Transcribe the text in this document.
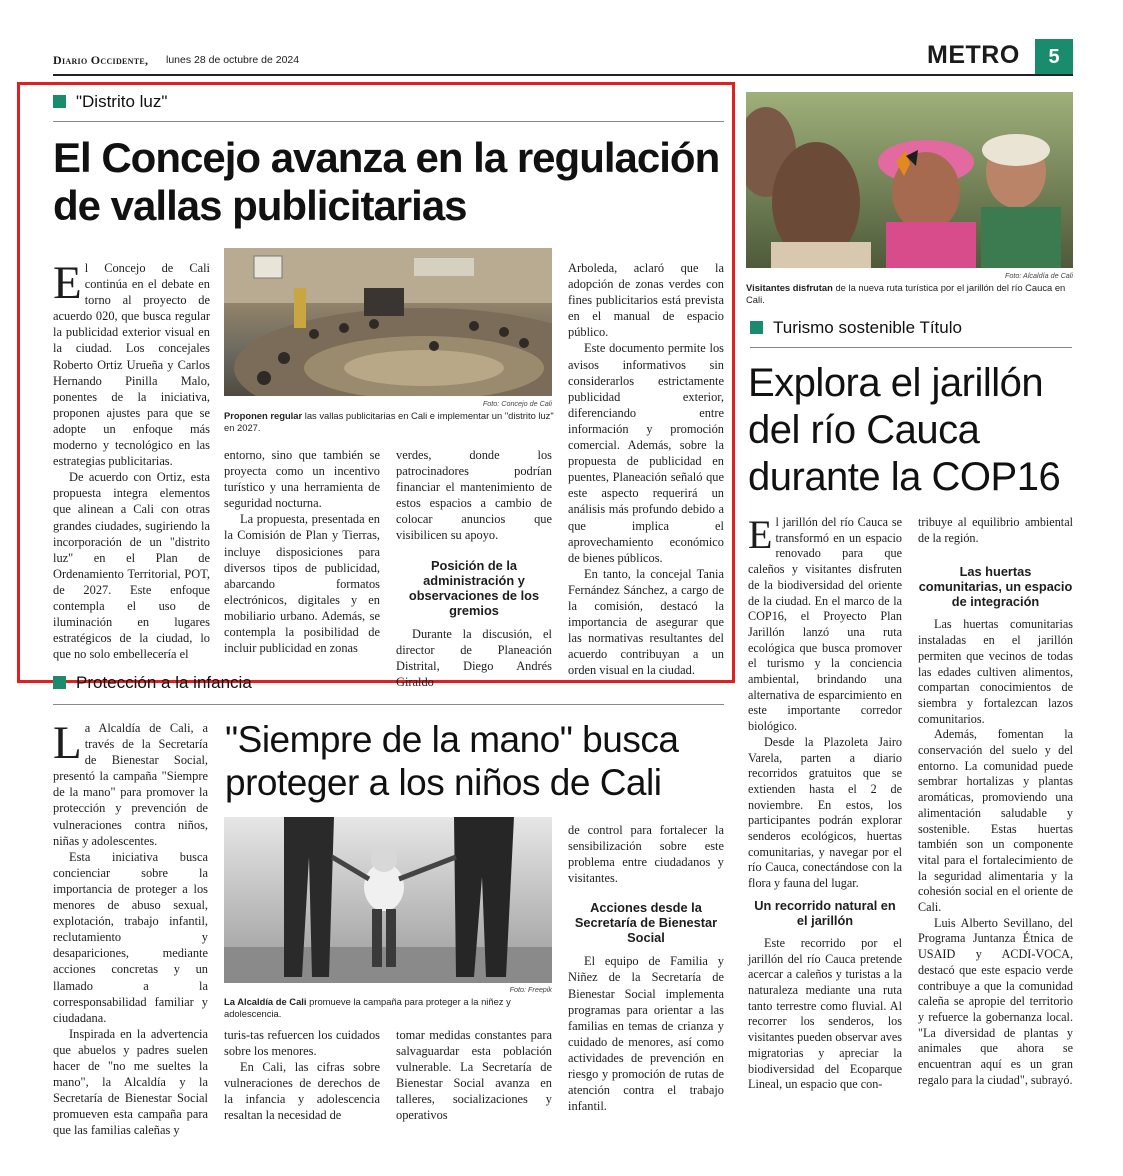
Diario Occidente, lunes 28 de octubre de 2024	METRO	5
"Distrito luz"
El Concejo avanza en la regulación de vallas publicitarias

El Concejo de Cali continúa en el debate en torno al proyecto de acuerdo 020, que busca regular la publicidad exterior visual en la ciudad. Los concejales Roberto Ortiz Urueña y Carlos Hernando Pinilla Malo, ponentes de la iniciativa, proponen ajustes para que se adopte un enfoque más moderno y tecnológico en las estrategias publicitarias.

De acuerdo con Ortiz, esta propuesta integra elementos que alinean a Cali con otras grandes ciudades, sugiriendo la incorporación de un "distrito luz" en el Plan de Ordenamiento Territorial, POT, de 2027. Este enfoque contempla el uso de iluminación en lugares estratégicos de la ciudad, lo que no solo embellecería el

Foto: Concejo de Cali
Proponen regular las vallas publicitarias en Cali e implementar un "distrito luz" en 2027.

entorno, sino que también se proyecta como un incentivo turístico y una herramienta de seguridad nocturna.

La propuesta, presentada en la Comisión de Plan y Tierras, incluye disposiciones para diversos tipos de publicidad, abarcando formatos electrónicos, digitales y en mobiliario urbano. Además, se contempla la posibilidad de incluir publicidad en zonas

verdes, donde los patrocinadores podrían financiar el mantenimiento de estos espacios a cambio de colocar anuncios que visibilicen su apoyo.

Posición de la administración y observaciones de los gremios

Durante la discusión, el director de Planeación Distrital, Diego Andrés Giraldo

Arboleda, aclaró que la adopción de zonas verdes con fines publicitarios está prevista en el manual de espacio público.

Este documento permite los avisos informativos sin considerarlos estrictamente publicidad exterior, diferenciando entre información y promoción comercial. Además, sobre la propuesta de publicidad en puentes, Planeación señaló que este aspecto requerirá un análisis más profundo debido a que implica el aprovechamiento económico de bienes públicos.

En tanto, la concejal Tania Fernández Sánchez, a cargo de la comisión, destacó la importancia de asegurar que las normativas resultantes del acuerdo contribuyan a un orden visual en la ciudad.

Foto: Alcaldía de Cali
Visitantes disfrutan de la nueva ruta turística por el jarillón del río Cauca en Cali.
Turismo sostenible Título
Explora el jarillón del río Cauca durante la COP16

El jarillón del río Cauca se transformó en un espacio renovado para que caleños y visitantes disfruten de la biodiversidad del oriente de la ciudad. En el marco de la COP16, el Proyecto Plan Jarillón lanzó una ruta ecológica que busca promover el turismo y la conciencia ambiental, brindando una alternativa de esparcimiento en este importante corredor biológico.

Desde la Plazoleta Jairo Varela, parten a diario recorridos gratuitos que se extienden hasta el 2 de noviembre. En estos, los participantes podrán explorar senderos ecológicos, huertas comunitarias, y navegar por el río Cauca, conectándose con la flora y fauna del lugar.

Un recorrido natural en el jarillón

Este recorrido por el jarillón del río Cauca pretende acercar a caleños y turistas a la naturaleza mediante una ruta tanto terrestre como fluvial. Al recorrer los senderos, los visitantes pueden observar aves migratorias y apreciar la biodiversidad del Ecoparque Lineal, un espacio que con-

tribuye al equilibrio ambiental de la región.

Las huertas comunitarias, un espacio de integración

Las huertas comunitarias instaladas en el jarillón permiten que vecinos de todas las edades cultiven alimentos, compartan conocimientos de siembra y fortalezcan lazos comunitarios.

Además, fomentan la conservación del suelo y del entorno. La comunidad puede sembrar hortalizas y plantas aromáticas, promoviendo una alimentación saludable y sostenible. Estas huertas también son un componente vital para el fortalecimiento de la seguridad alimentaria y la cohesión social en el oriente de Cali.

Luis Alberto Sevillano, del Programa Juntanza Étnica de USAID y ACDI-VOCA, destacó que este espacio verde contribuye a que la comunidad caleña se apropie del territorio y refuerce la gobernanza local. "La diversidad de plantas y animales que ahora se encuentran aquí es un gran regalo para la ciudad", subrayó.

Protección a la infancia

La Alcaldía de Cali, a través de la Secretaría de Bienestar Social, presentó la campaña "Siempre de la mano" para promover la protección y prevención de vulneraciones contra niños, niñas y adolescentes.

Esta iniciativa busca concienciar sobre la importancia de proteger a los menores de abuso sexual, explotación, trabajo infantil, reclutamiento y desapariciones, mediante acciones concretas y un llamado a la corresponsabilidad familiar y ciudadana.

Inspirada en la advertencia que abuelos y padres suelen hacer de "no me sueltes la mano", la Alcaldía y la Secretaría de Bienestar Social promueven esta campaña para que las familias caleñas y

"Siempre de la mano" busca proteger a los niños de Cali
Foto: Freepik
La Alcaldía de Cali promueve la campaña para proteger a la niñez y adolescencia.

turis-tas refuercen los cuidados sobre los menores.

En Cali, las cifras sobre vulneraciones de derechos de la infancia y adolescencia resaltan la necesidad de

tomar medidas constantes para salvaguardar esta población vulnerable. La Secretaría de Bienestar Social avanza en talleres, socializaciones y operativos

de control para fortalecer la sensibilización sobre este problema entre ciudadanos y visitantes.

Acciones desde la Secretaría de Bienestar Social

El equipo de Familia y Niñez de la Secretaría de Bienestar Social implementa programas para orientar a las familias en temas de crianza y cuidado de menores, así como actividades de prevención en riesgo y promoción de rutas de atención contra el trabajo infantil.
